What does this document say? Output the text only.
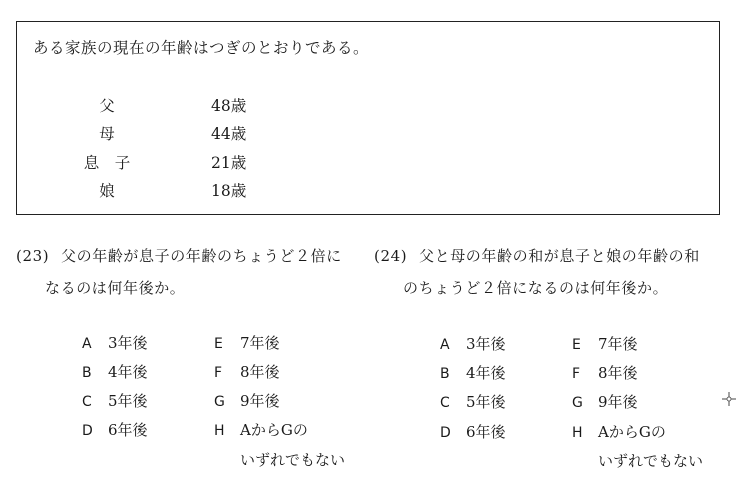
ある家族の現在の年齢はつぎのとおりである。
父	48歳
母	44歳
息　子	21歳
娘	18歳
(23) 父の年齢が息子の年齢のちょうど２倍に
なるのは何年後か。
A 3年後
B 4年後
C 5年後
D 6年後
E 7年後
F 8年後
G 9年後
H AからGの
いずれでもない
(24) 父と母の年齢の和が息子と娘の年齢の和
のちょうど２倍になるのは何年後か。
A 3年後
B 4年後
C 5年後
D 6年後
E 7年後
F 8年後
G 9年後
H AからGの
いずれでもない
